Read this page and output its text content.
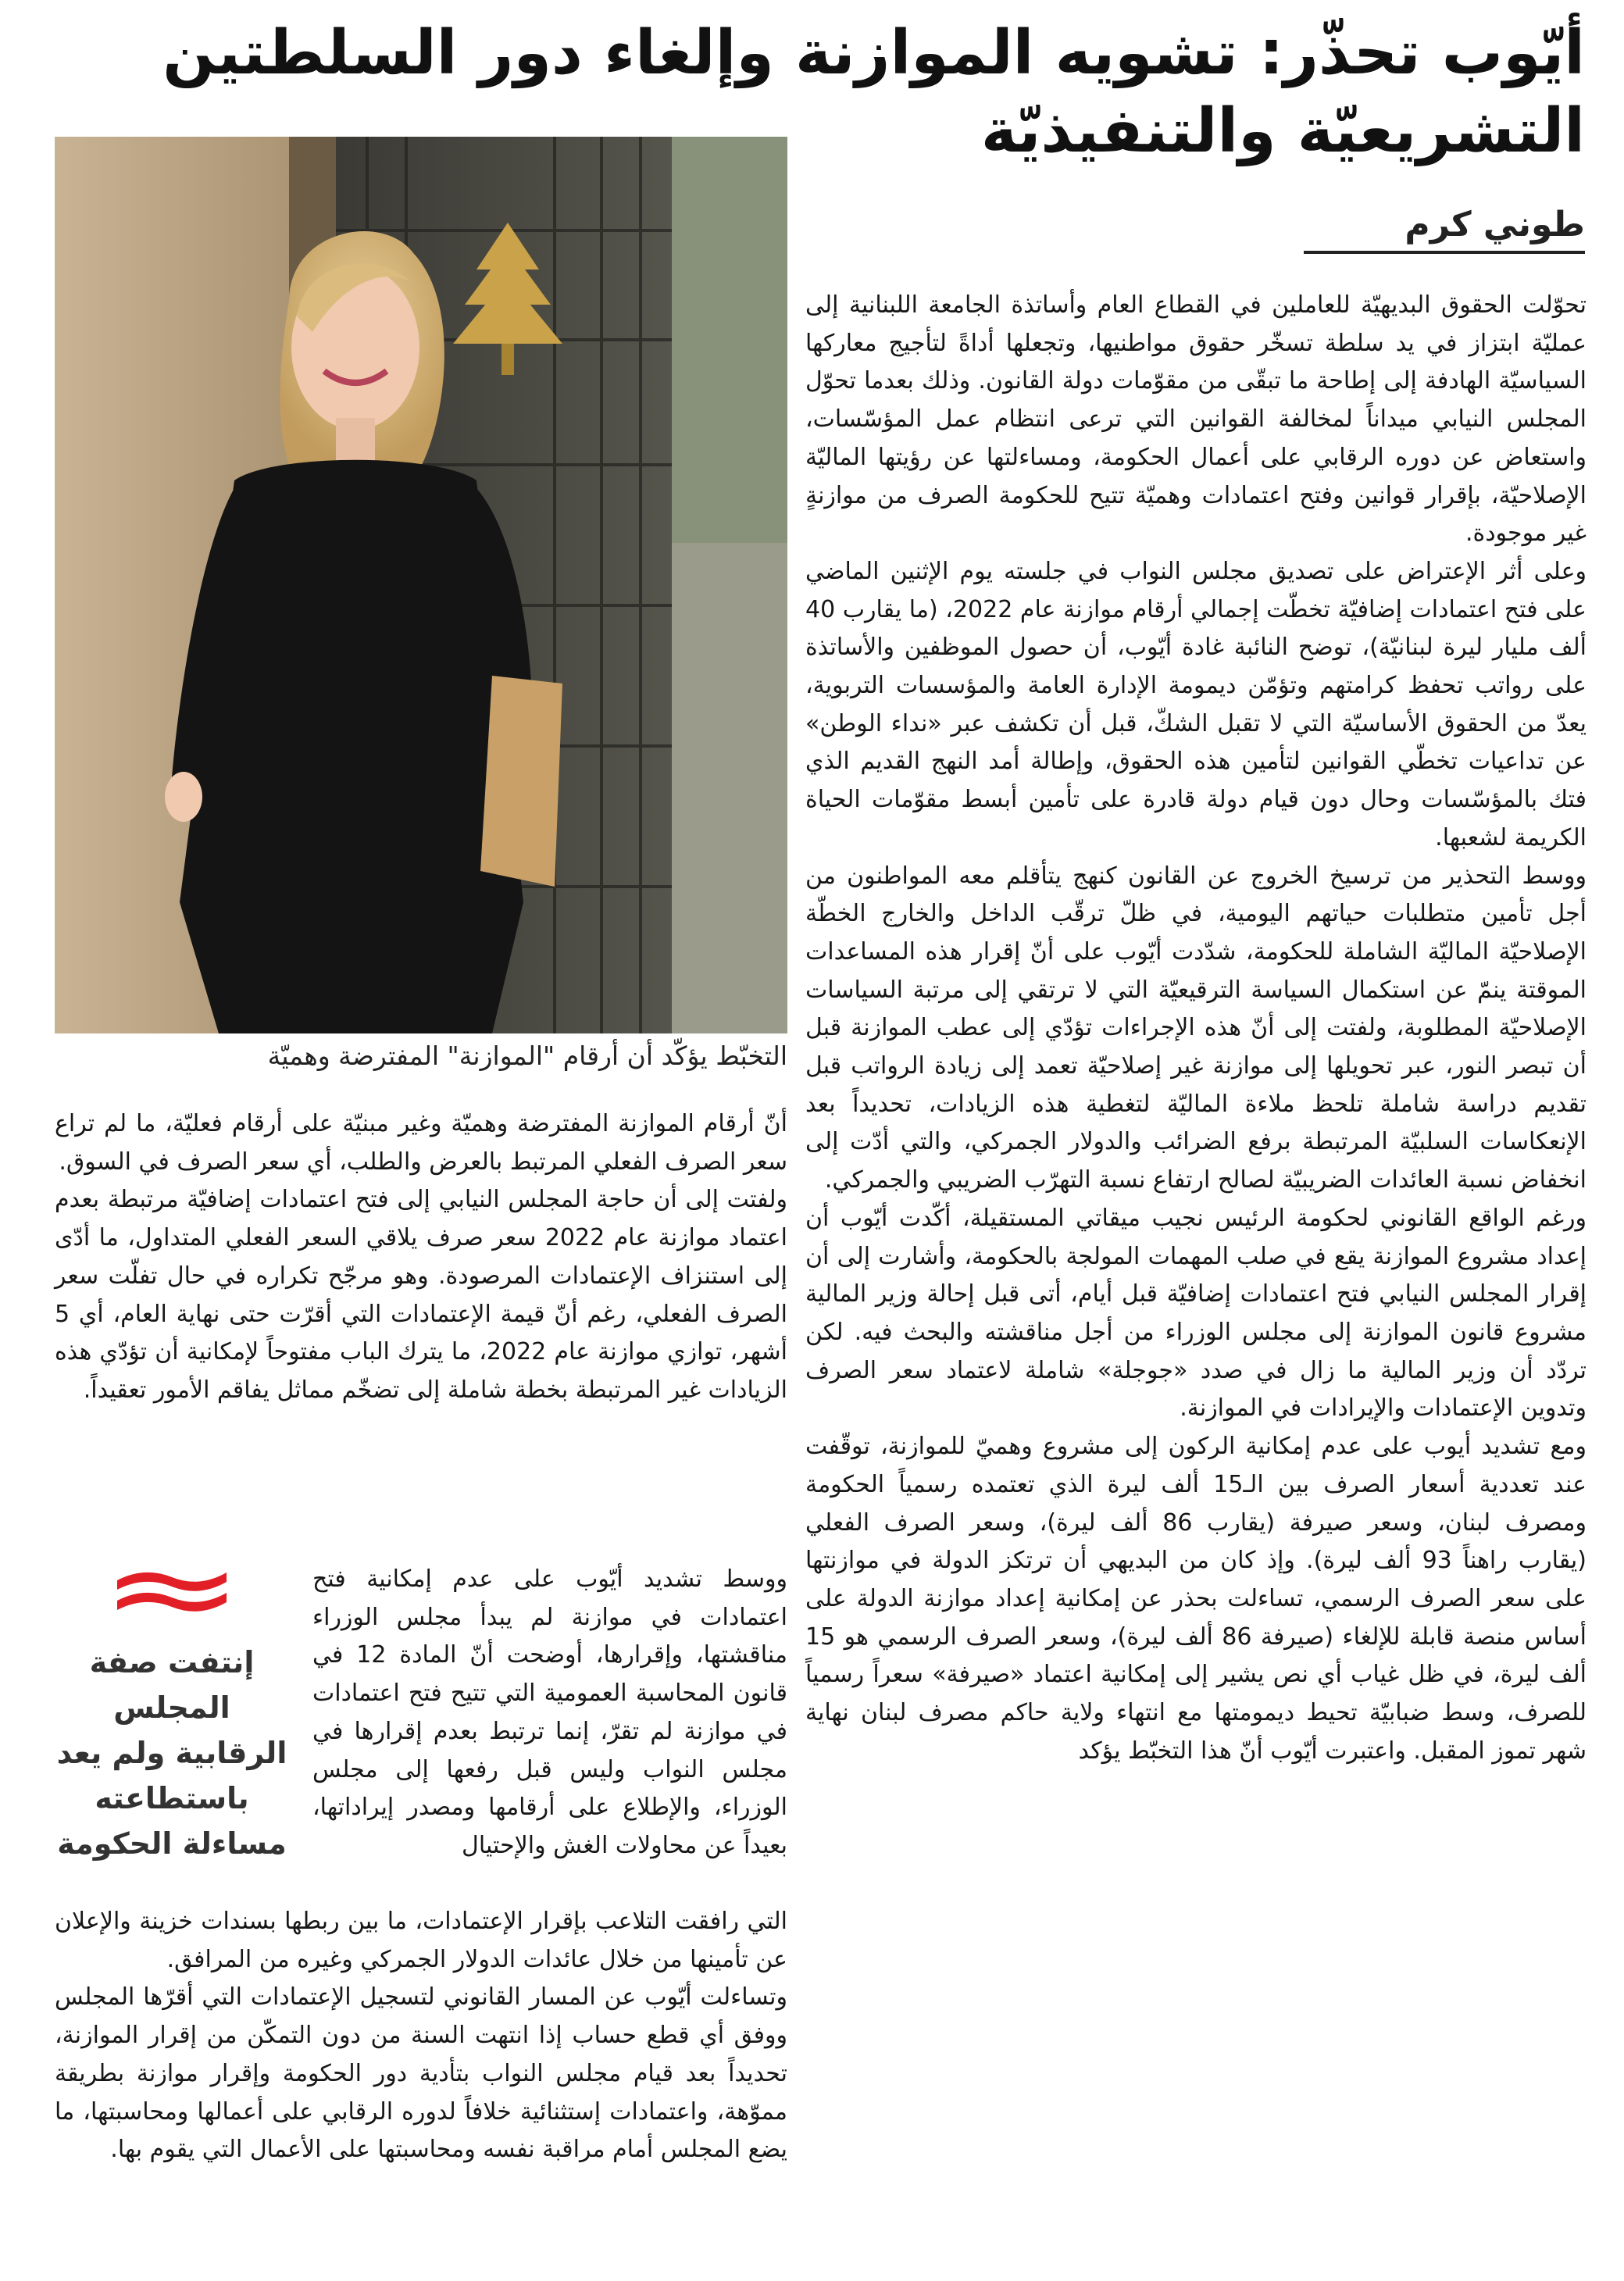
أيّوب تحذّر: تشويه الموازنة وإلغاء دور السلطتين التشريعيّة والتنفيذيّة
طوني كرم
التخبّط يؤكّد أن أرقام "الموازنة" المفترضة وهميّة

تحوّلت الحقوق البديهيّة للعاملين في القطاع العام وأساتذة الجامعة اللبنانية إلى عمليّة ابتزاز في يد سلطة تسخّر حقوق مواطنيها، وتجعلها أداةً لتأجيج معاركها السياسيّة الهادفة إلى إطاحة ما تبقّى من مقوّمات دولة القانون. وذلك بعدما تحوّل المجلس النيابي ميداناً لمخالفة القوانين التي ترعى انتظام عمل المؤسّسات، واستعاض عن دوره الرقابي على أعمال الحكومة، ومساءلتها عن رؤيتها الماليّة الإصلاحيّة، بإقرار قوانين وفتح اعتمادات وهميّة تتيح للحكومة الصرف من موازنةٍ غير موجودة.

وعلى أثر الإعتراض على تصديق مجلس النواب في جلسته يوم الإثنين الماضي على فتح اعتمادات إضافيّة تخطّت إجمالي أرقام موازنة عام 2022، (ما يقارب 40 ألف مليار ليرة لبنانيّة)، توضح النائبة غادة أيّوب، أن حصول الموظفين والأساتذة على رواتب تحفظ كرامتهم وتؤمّن ديمومة الإدارة العامة والمؤسسات التربوية، يعدّ من الحقوق الأساسيّة التي لا تقبل الشكّ، قبل أن تكشف عبر «نداء الوطن» عن تداعيات تخطّي القوانين لتأمين هذه الحقوق، وإطالة أمد النهج القديم الذي فتك بالمؤسّسات وحال دون قيام دولة قادرة على تأمين أبسط مقوّمات الحياة الكريمة لشعبها.

ووسط التحذير من ترسيخ الخروج عن القانون كنهج يتأقلم معه المواطنون من أجل تأمين متطلبات حياتهم اليومية، في ظلّ ترقّب الداخل والخارج الخطّة الإصلاحيّة الماليّة الشاملة للحكومة، شدّدت أيّوب على أنّ إقرار هذه المساعدات الموقتة ينمّ عن استكمال السياسة الترقيعيّة التي لا ترتقي إلى مرتبة السياسات الإصلاحيّة المطلوبة، ولفتت إلى أنّ هذه الإجراءات تؤدّي إلى عطب الموازنة قبل أن تبصر النور، عبر تحويلها إلى موازنة غير إصلاحيّة تعمد إلى زيادة الرواتب قبل تقديم دراسة شاملة تلحظ ملاءة الماليّة لتغطية هذه الزيادات، تحديداً بعد الإنعكاسات السلبيّة المرتبطة برفع الضرائب والدولار الجمركي، والتي أدّت إلى انخفاض نسبة العائدات الضريبيّة لصالح ارتفاع نسبة التهرّب الضريبي والجمركي.

ورغم الواقع القانوني لحكومة الرئيس نجيب ميقاتي المستقيلة، أكّدت أيّوب أن إعداد مشروع الموازنة يقع في صلب المهمات المولجة بالحكومة، وأشارت إلى أن إقرار المجلس النيابي فتح اعتمادات إضافيّة قبل أيام، أتى قبل إحالة وزير المالية مشروع قانون الموازنة إلى مجلس الوزراء من أجل مناقشته والبحث فيه. لكن تردّد أن وزير المالية ما زال في صدد «جوجلة» شاملة لاعتماد سعر الصرف وتدوين الإعتمادات والإيرادات في الموازنة.

ومع تشديد أيوب على عدم إمكانية الركون إلى مشروع وهميّ للموازنة، توقّفت عند تعددية أسعار الصرف بين الـ15 ألف ليرة الذي تعتمده رسمياً الحكومة ومصرف لبنان، وسعر صيرفة (يقارب 86 ألف ليرة)، وسعر الصرف الفعلي (يقارب راهناً 93 ألف ليرة). وإذ كان من البديهي أن ترتكز الدولة في موازنتها على سعر الصرف الرسمي، تساءلت بحذر عن إمكانية إعداد موازنة الدولة على أساس منصة قابلة للإلغاء (صيرفة 86 ألف ليرة)، وسعر الصرف الرسمي هو 15 ألف ليرة، في ظل غياب أي نص يشير إلى إمكانية اعتماد «صيرفة» سعراً رسمياً للصرف، وسط ضبابيّة تحيط ديمومتها مع انتهاء ولاية حاكم مصرف لبنان نهاية شهر تموز المقبل. واعتبرت أيّوب أنّ هذا التخبّط يؤكد

أنّ أرقام الموازنة المفترضة وهميّة وغير مبنيّة على أرقام فعليّة، ما لم تراع سعر الصرف الفعلي المرتبط بالعرض والطلب، أي سعر الصرف في السوق.

ولفتت إلى أن حاجة المجلس النيابي إلى فتح اعتمادات إضافيّة مرتبطة بعدم اعتماد موازنة عام 2022 سعر صرف يلاقي السعر الفعلي المتداول، ما أدّى إلى استنزاف الإعتمادات المرصودة. وهو مرجّح تكراره في حال تفلّت سعر الصرف الفعلي، رغم أنّ قيمة الإعتمادات التي أقرّت حتى نهاية العام، أي 5 أشهر، توازي موازنة عام 2022، ما يترك الباب مفتوحاً لإمكانية أن تؤدّي هذه الزيادات غير المرتبطة بخطة شاملة إلى تضخّم مماثل يفاقم الأمور تعقيداً.

ووسط تشديد أيّوب على عدم إمكانية فتح اعتمادات في موازنة لم يبدأ مجلس الوزراء مناقشتها، وإقرارها، أوضحت أنّ المادة 12 في قانون المحاسبة العمومية التي تتيح فتح اعتمادات في موازنة لم تقرّ، إنما ترتبط بعدم إقرارها في مجلس النواب وليس قبل رفعها إلى مجلس الوزراء، والإطلاع على أرقامها ومصدر إيراداتها، بعيداً عن محاولات الغش والإحتيال

إنتفت صفة المجلس الرقابية ولم يعد باستطاعته مساءلة الحكومة

التي رافقت التلاعب بإقرار الإعتمادات، ما بين ربطها بسندات خزينة والإعلان عن تأمينها من خلال عائدات الدولار الجمركي وغيره من المرافق.

وتساءلت أيّوب عن المسار القانوني لتسجيل الإعتمادات التي أقرّها المجلس ووفق أي قطع حساب إذا انتهت السنة من دون التمكّن من إقرار الموازنة، تحديداً بعد قيام مجلس النواب بتأدية دور الحكومة وإقرار موازنة بطريقة مموّهة، واعتمادات إستثنائية خلافاً لدوره الرقابي على أعمالها ومحاسبتها، ما يضع المجلس أمام مراقبة نفسه ومحاسبتها على الأعمال التي يقوم بها.
